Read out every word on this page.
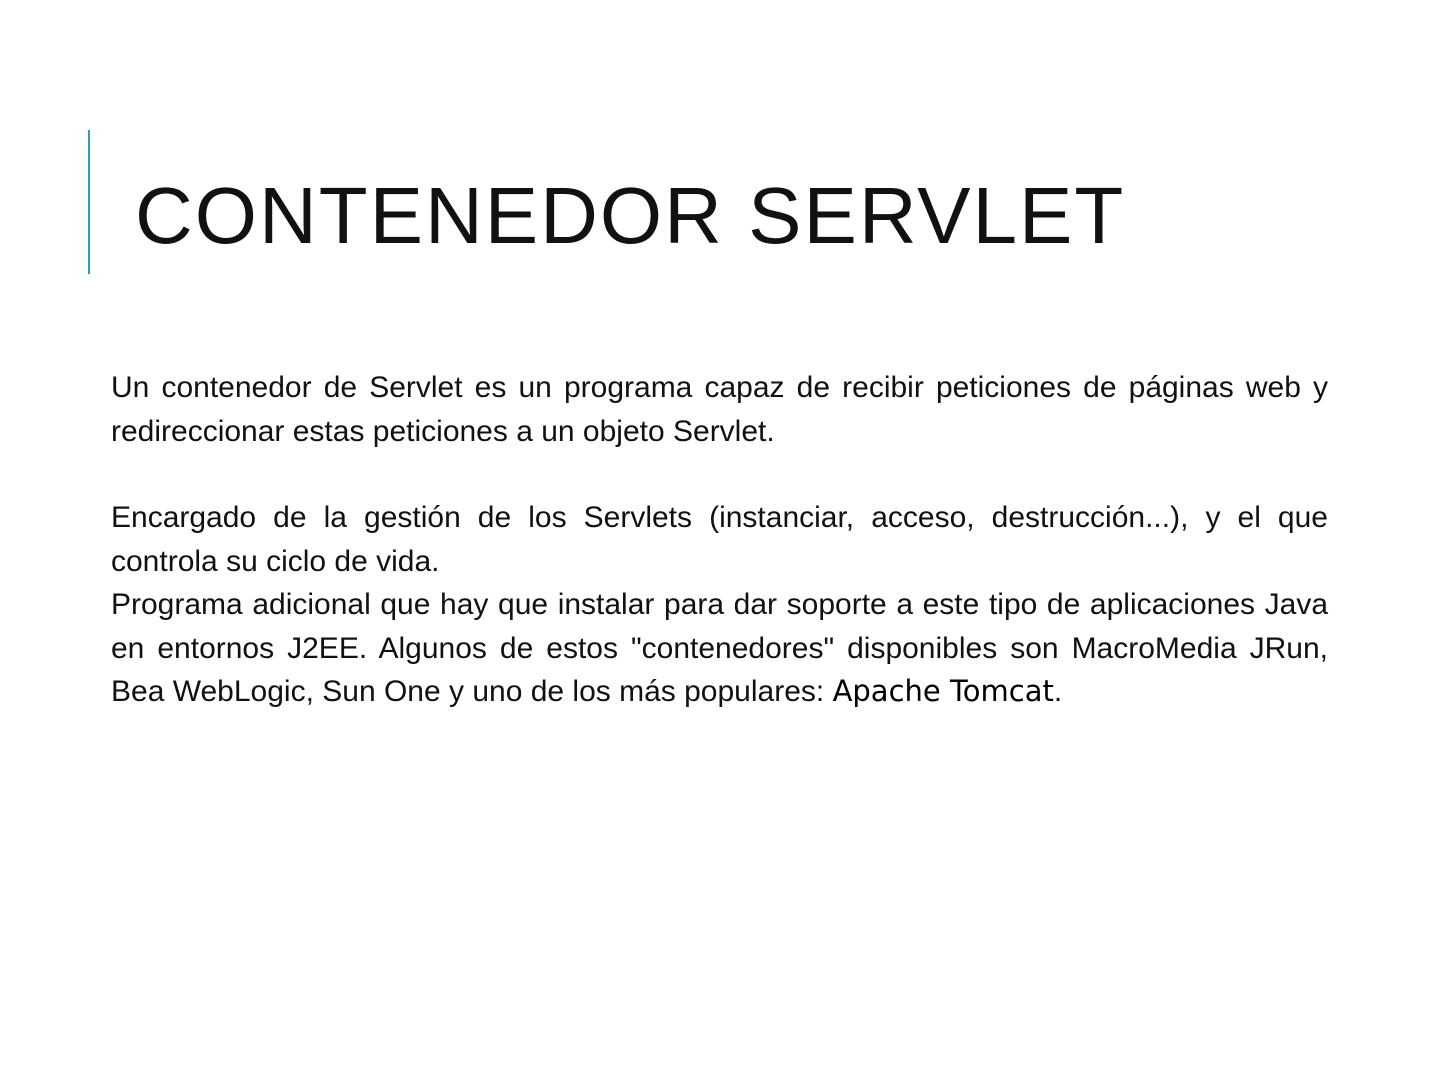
CONTENEDOR SERVLET

Un contenedor de Servlet es un programa capaz de recibir peticiones de páginas web y redireccionar estas peticiones a un objeto Servlet.

Encargado de la gestión de los Servlets (instanciar, acceso, destrucción...), y el que controla su ciclo de vida.

Programa adicional que hay que instalar para dar soporte a este tipo de aplicaciones Java en entornos J2EE. Algunos de estos "contenedores" disponibles son MacroMedia JRun, Bea WebLogic, Sun One y uno de los más populares: Apache Tomcat.
